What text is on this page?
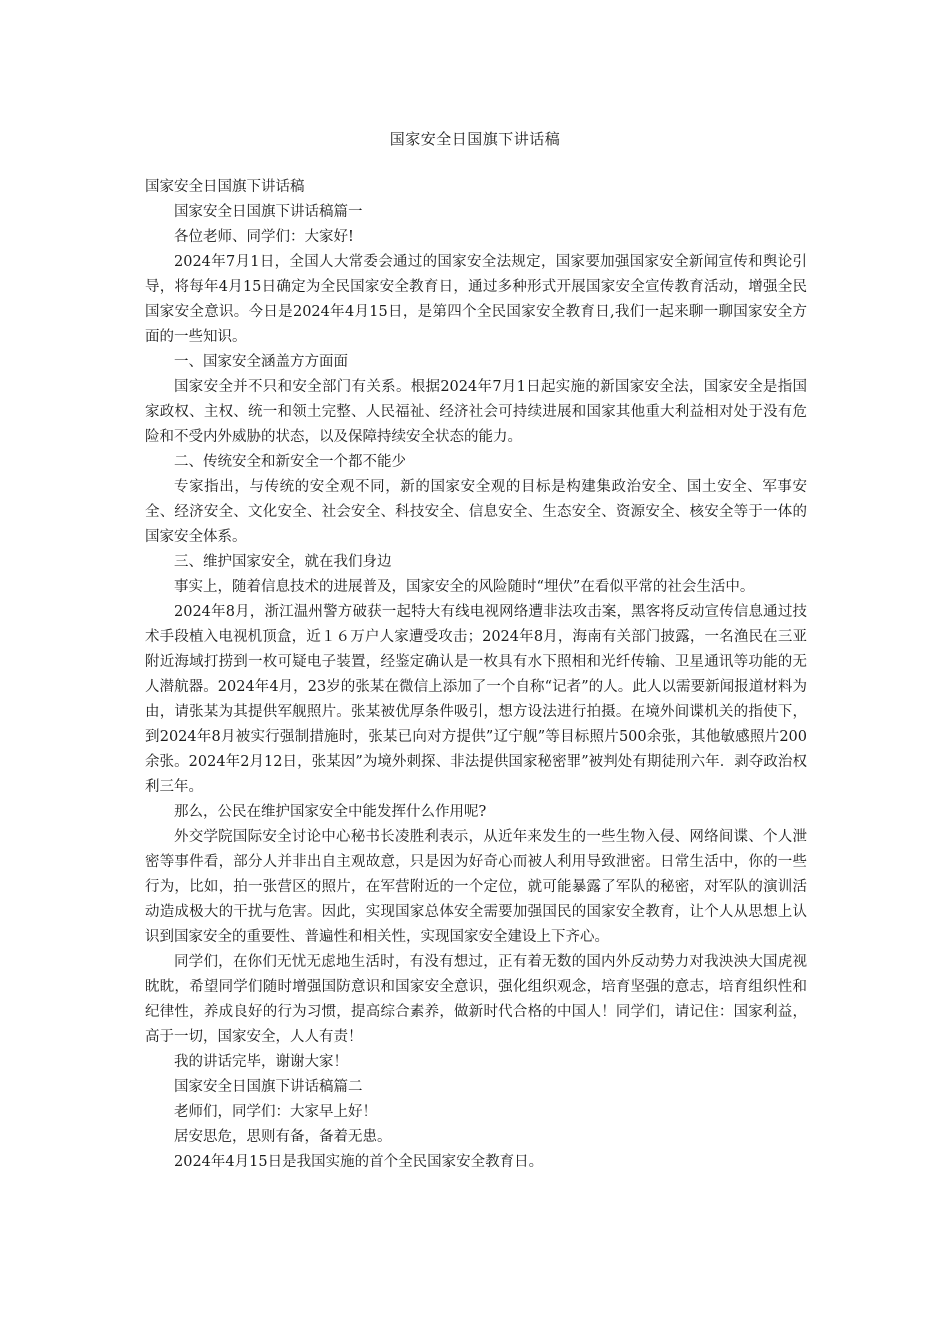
国家安全日国旗下讲话稿

国家安全日国旗下讲话稿

国家安全日国旗下讲话稿篇一

各位老师、同学们：大家好!

2024年7月1日，全国人大常委会通过的国家安全法规定，国家要加强国家安全新闻宣传和舆论引导，将每年4月15日确定为全民国家安全教育日，通过多种形式开展国家安全宣传教育活动，增强全民国家安全意识。今日是2024年4月15日，是第四个全民国家安全教育日,我们一起来聊一聊国家安全方面的一些知识。

一、国家安全涵盖方方面面

国家安全并不只和安全部门有关系。根据2024年7月1日起实施的新国家安全法，国家安全是指国家政权、主权、统一和领土完整、人民福祉、经济社会可持续进展和国家其他重大利益相对处于没有危险和不受内外威胁的状态，以及保障持续安全状态的能力。

二、传统安全和新安全一个都不能少

专家指出，与传统的安全观不同，新的国家安全观的目标是构建集政治安全、国土安全、军事安全、经济安全、文化安全、社会安全、科技安全、信息安全、生态安全、资源安全、核安全等于一体的国家安全体系。

三、维护国家安全，就在我们身边

事实上，随着信息技术的进展普及，国家安全的风险随时“埋伏”在看似平常的社会生活中。

2024年8月，浙江温州警方破获一起特大有线电视网络遭非法攻击案，黑客将反动宣传信息通过技术手段植入电视机顶盒，近１６万户人家遭受攻击；2024年8月，海南有关部门披露，一名渔民在三亚附近海域打捞到一枚可疑电子装置，经鉴定确认是一枚具有水下照相和光纤传输、卫星通讯等功能的无人潜航器。2024年4月，23岁的张某在微信上添加了一个自称“记者”的人。此人以需要新闻报道材料为由，请张某为其提供军舰照片。张某被优厚条件吸引，想方设法进行拍摄。在境外间谍机关的指使下，到2024年8月被实行强制措施时，张某已向对方提供”辽宁舰”等目标照片500余张，其他敏感照片200余张。2024年2月12日，张某因”为境外刺探、非法提供国家秘密罪”被判处有期徒刑六年．剥夺政治权利三年。

那么，公民在维护国家安全中能发挥什么作用呢?

外交学院国际安全讨论中心秘书长凌胜利表示，从近年来发生的一些生物入侵、网络间谍、个人泄密等事件看，部分人并非出自主观故意，只是因为好奇心而被人利用导致泄密。日常生活中，你的一些行为，比如，拍一张营区的照片，在军营附近的一个定位，就可能暴露了军队的秘密，对军队的演训活动造成极大的干扰与危害。因此，实现国家总体安全需要加强国民的国家安全教育，让个人从思想上认识到国家安全的重要性、普遍性和相关性，实现国家安全建设上下齐心。

同学们，在你们无忧无虑地生活时，有没有想过，正有着无数的国内外反动势力对我泱泱大国虎视眈眈，希望同学们随时增强国防意识和国家安全意识，强化组织观念，培育坚强的意志，培育组织性和纪律性，养成良好的行为习惯，提高综合素养，做新时代合格的中国人！同学们，请记住：国家利益，高于一切，国家安全，人人有责！

我的讲话完毕，谢谢大家！

国家安全日国旗下讲话稿篇二

老师们，同学们：大家早上好！

居安思危，思则有备，备着无患。

2024年4月15日是我国实施的首个全民国家安全教育日。
